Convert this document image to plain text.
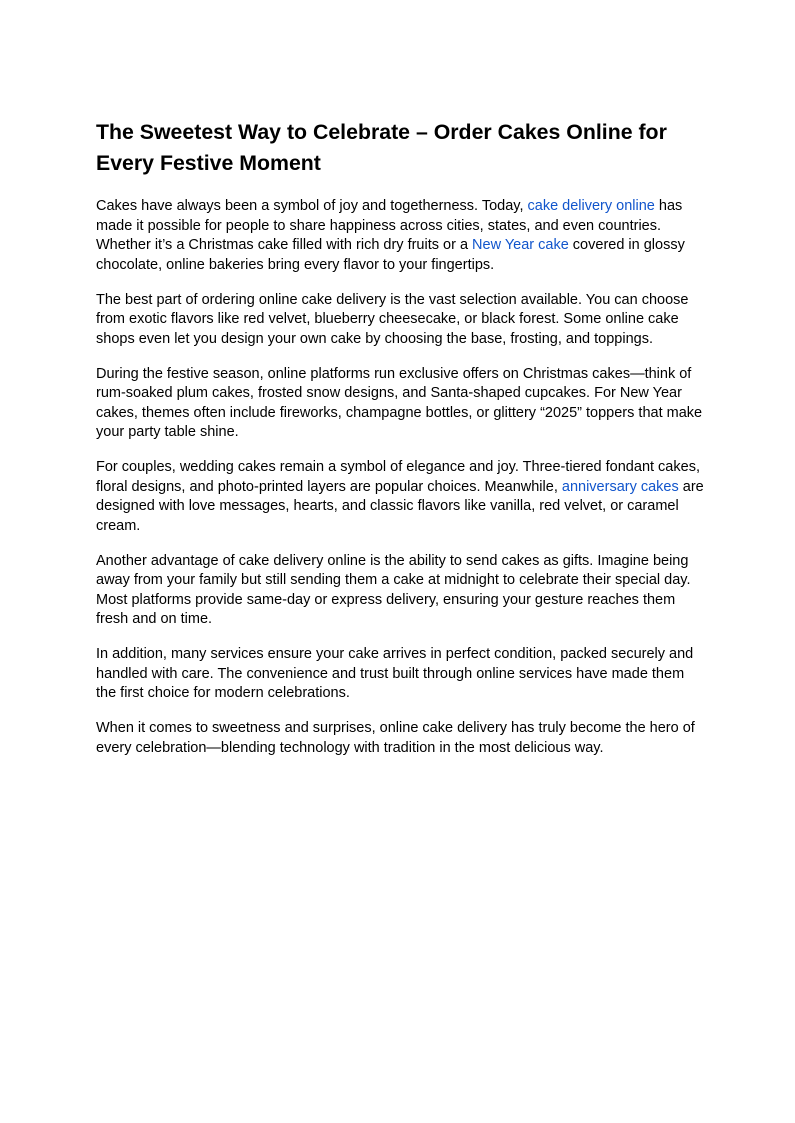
The Sweetest Way to Celebrate – Order Cakes Online for Every Festive Moment

Cakes have always been a symbol of joy and togetherness. Today, cake delivery online has made it possible for people to share happiness across cities, states, and even countries. Whether it’s a Christmas cake filled with rich dry fruits or a New Year cake covered in glossy chocolate, online bakeries bring every flavor to your fingertips.

The best part of ordering online cake delivery is the vast selection available. You can choose from exotic flavors like red velvet, blueberry cheesecake, or black forest. Some online cake shops even let you design your own cake by choosing the base, frosting, and toppings.

During the festive season, online platforms run exclusive offers on Christmas cakes—think of rum-soaked plum cakes, frosted snow designs, and Santa-shaped cupcakes. For New Year cakes, themes often include fireworks, champagne bottles, or glittery “2025” toppers that make your party table shine.

For couples, wedding cakes remain a symbol of elegance and joy. Three-tiered fondant cakes, floral designs, and photo-printed layers are popular choices. Meanwhile, anniversary cakes are designed with love messages, hearts, and classic flavors like vanilla, red velvet, or caramel cream.

Another advantage of cake delivery online is the ability to send cakes as gifts. Imagine being away from your family but still sending them a cake at midnight to celebrate their special day. Most platforms provide same-day or express delivery, ensuring your gesture reaches them fresh and on time.

In addition, many services ensure your cake arrives in perfect condition, packed securely and handled with care. The convenience and trust built through online services have made them the first choice for modern celebrations.

When it comes to sweetness and surprises, online cake delivery has truly become the hero of every celebration—blending technology with tradition in the most delicious way.
